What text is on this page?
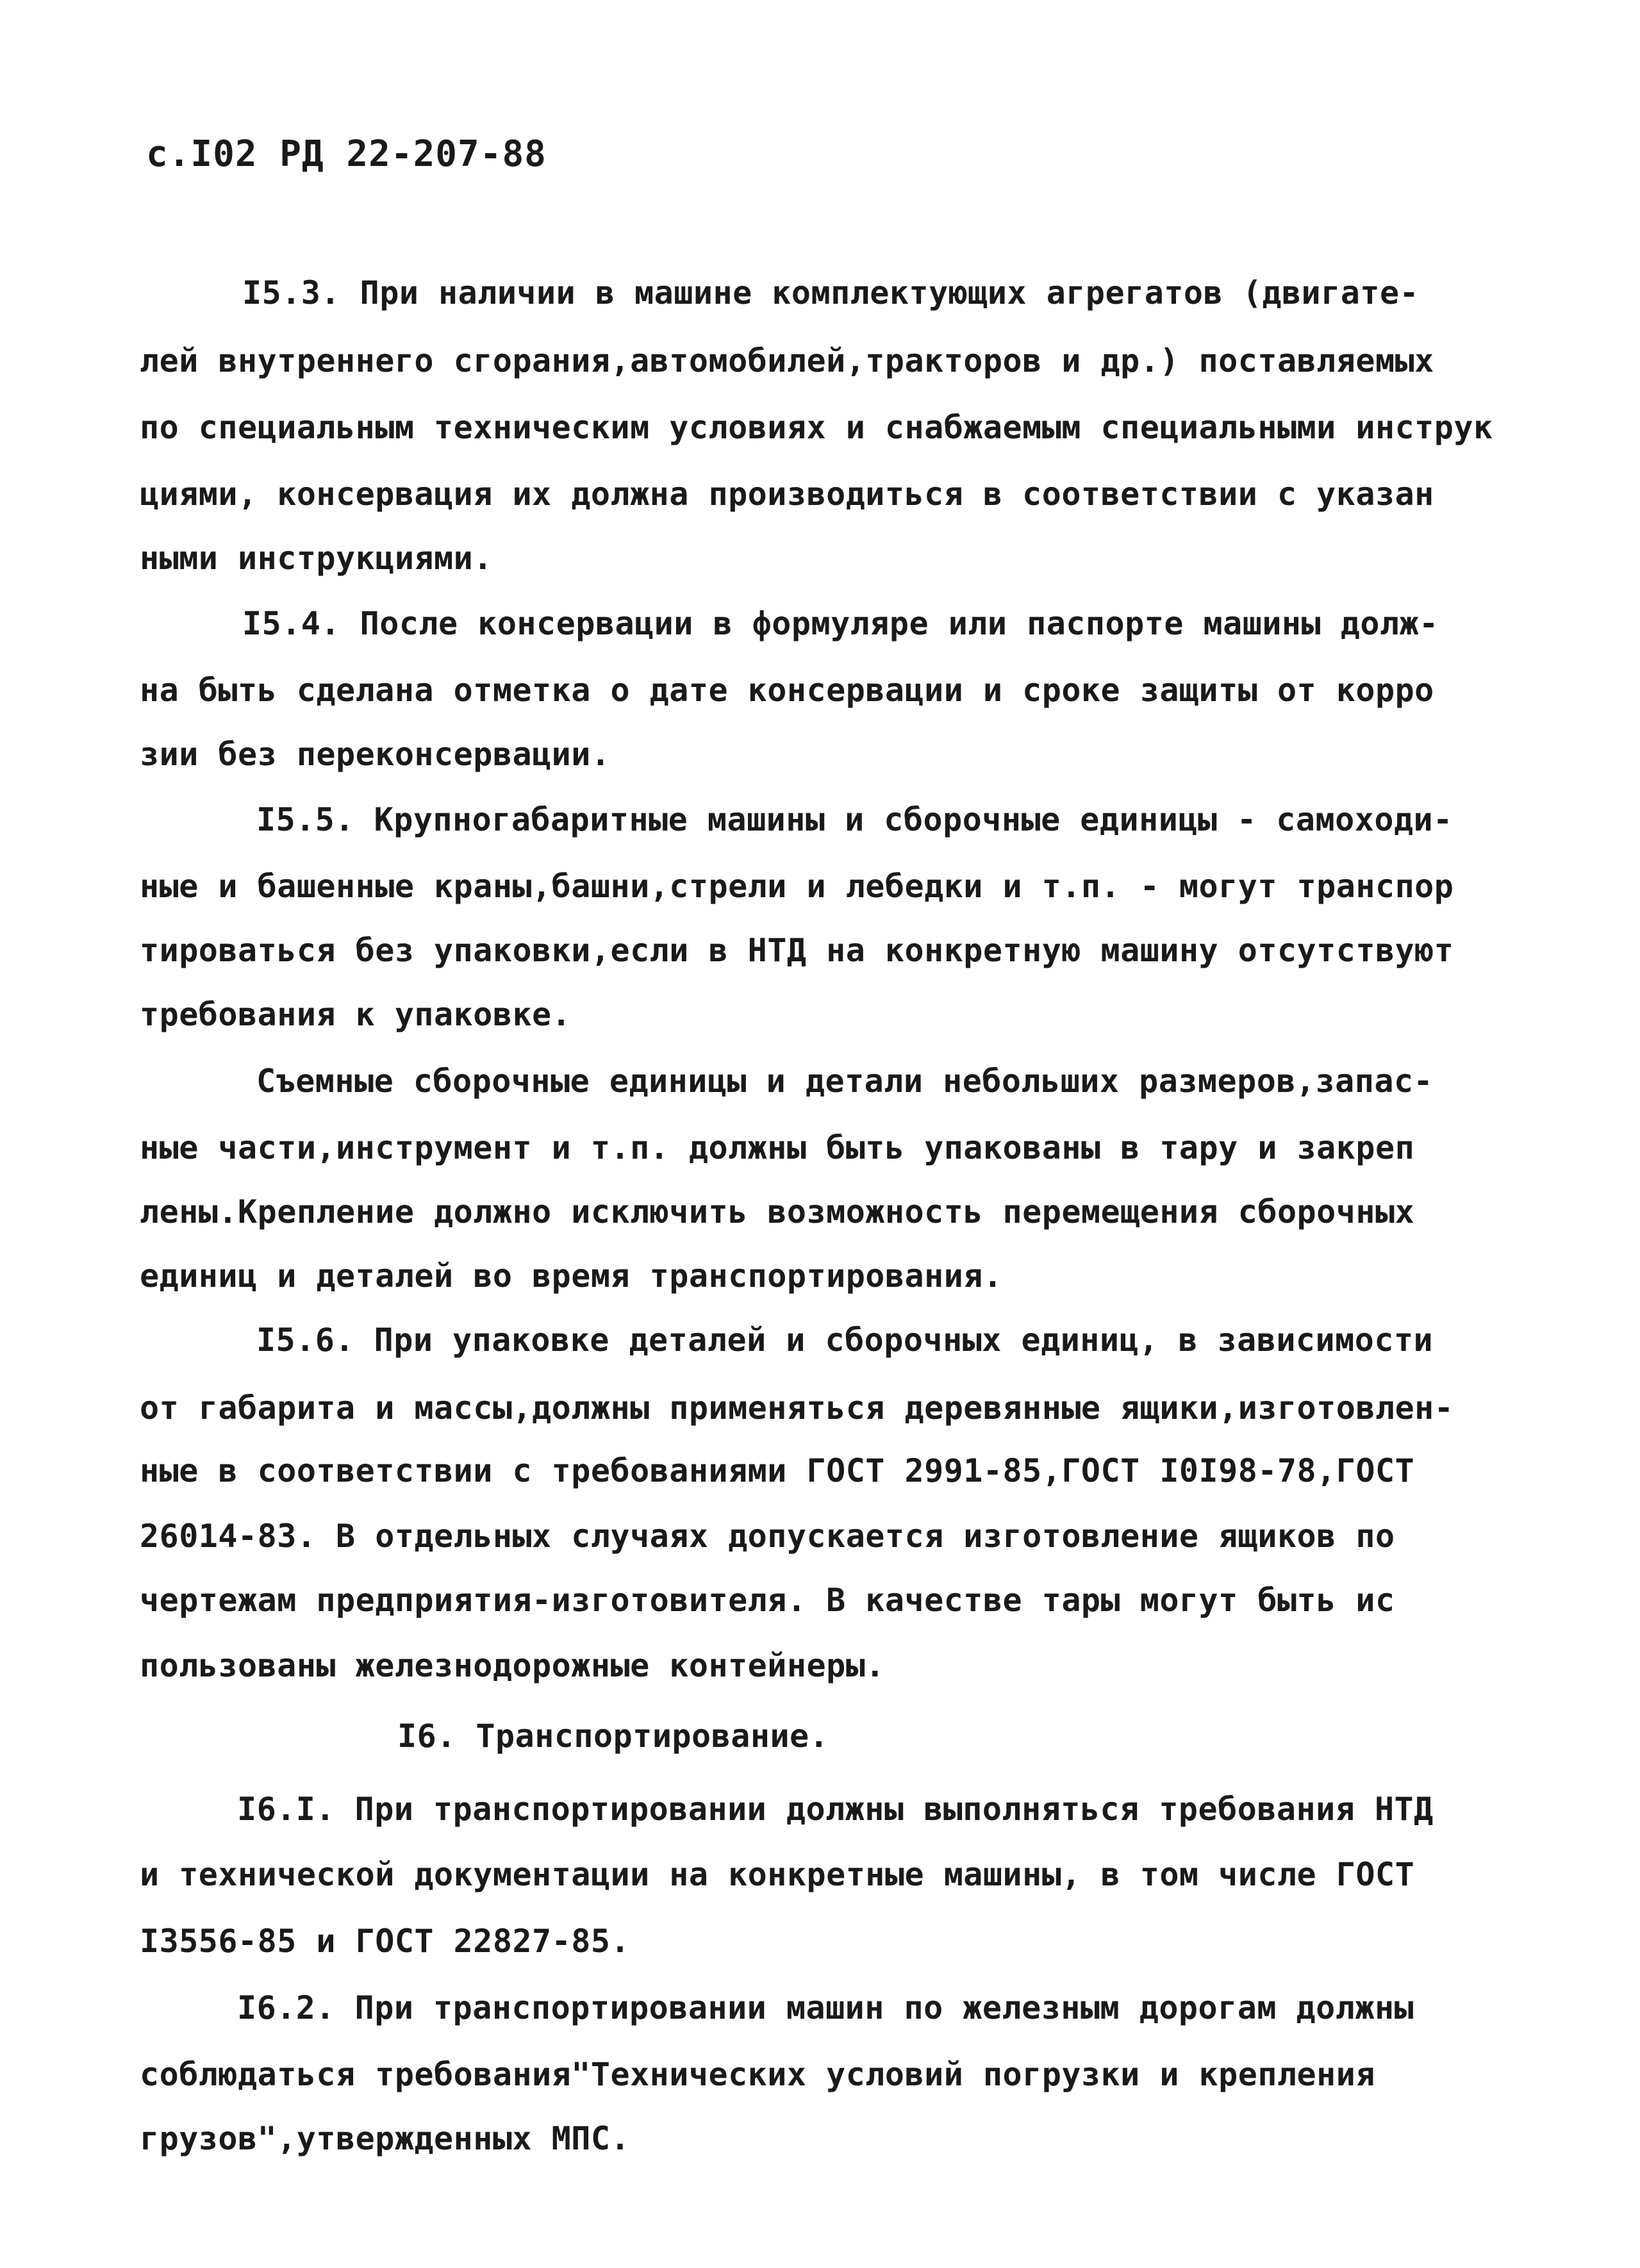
с.I02 РД 22-207-88
I5.3. При наличии в машине комплектующих агрегатов (двигате-
лей внутреннего сгорания,автомобилей,тракторов и др.) поставляемых
по специальным техническим условиях и снабжаемым специальными инструк
циями, консервация их должна производиться в соответствии с указан
ными инструкциями.
I5.4. После консервации в формуляре или паспорте машины долж-
на быть сделана отметка о дате консервации и сроке защиты от корро
зии без переконсервации.
I5.5. Крупногабаритные машины и сборочные единицы - самоходи-
ные и башенные краны,башни,стрели и лебедки и т.п. - могут транспор
тироваться без упаковки,если в НТД на конкретную машину отсутствуют
требования к упаковке.
Съемные сборочные единицы и детали небольших размеров,запас-
ные части,инструмент и т.п. должны быть упакованы в тару и закреп
лены.Крепление должно исключить возможность перемещения сборочных
единиц и деталей во время транспортирования.
I5.6. При упаковке деталей и сборочных единиц, в зависимости
от габарита и массы,должны применяться деревянные ящики,изготовлен-
ные в соответствии с требованиями ГОСТ 2991-85,ГОСТ I0I98-78,ГОСТ
26014-83. В отдельных случаях допускается изготовление ящиков по
чертежам предприятия-изготовителя. В качестве тары могут быть ис
пользованы железнодорожные контейнеры.
I6. Транспортирование.
I6.I. При транспортировании должны выполняться требования НТД
и технической документации на конкретные машины, в том числе ГОСТ
I3556-85 и ГОСТ 22827-85.
I6.2. При транспортировании машин по железным дорогам должны
соблюдаться требования"Технических условий погрузки и крепления
грузов",утвержденных МПС.
